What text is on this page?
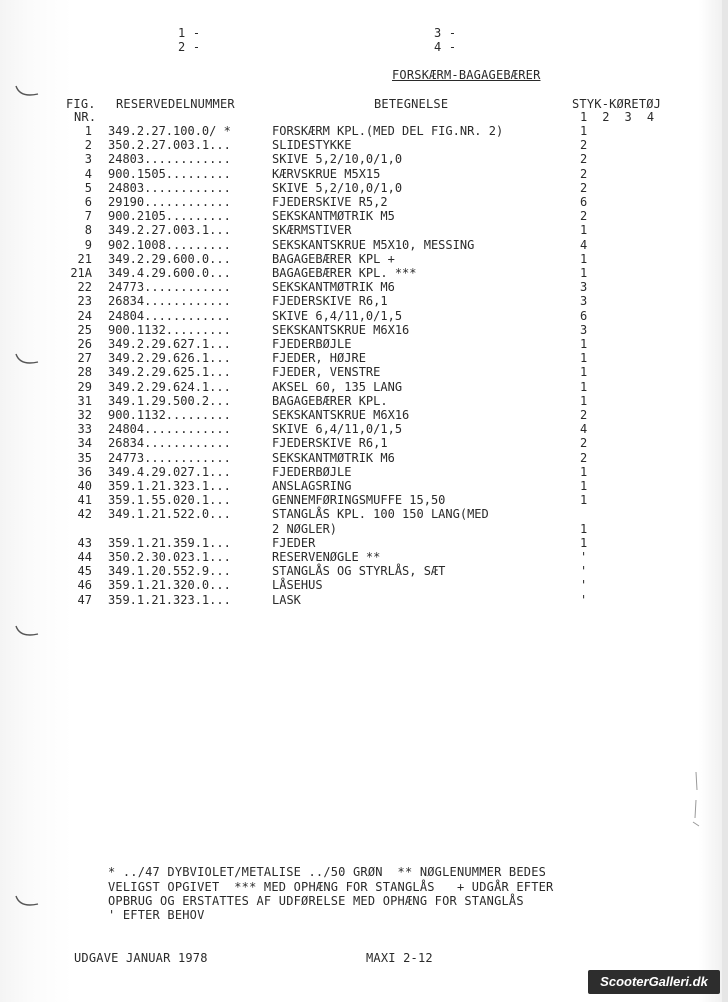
1 -
2 -
3 -
4 -
FORSKÆRM-BAGAGEBÆRER
FIG.
NR.
RESERVEDELNUMMER	BETEGNELSE	STYK-KØRETØJ
1  2  3  4
1 349.2.27.100.0/ *	FORSKÆRM KPL.(MED DEL FIG.NR. 2)	1
2 350.2.27.003.1...	SLIDESTYKKE	2
3 24803............	SKIVE 5,2/10,0/1,0	2
4 900.1505.........	KÆRVSKRUE M5X15	2
5 24803............	SKIVE 5,2/10,0/1,0	2
6 29190............	FJEDERSKIVE R5,2	6
7 900.2105.........	SEKSKANTMØTRIK M5	2
8 349.2.27.003.1...	SKÆRMSTIVER	1
9 902.1008.........	SEKSKANTSKRUE M5X10, MESSING	4
21 349.2.29.600.0...	BAGAGEBÆRER KPL +	1
21A 349.4.29.600.0...	BAGAGEBÆRER KPL. ***	1
22 24773............	SEKSKANTMØTRIK M6	3
23 26834............	FJEDERSKIVE R6,1	3
24 24804............	SKIVE 6,4/11,0/1,5	6
25 900.1132.........	SEKSKANTSKRUE M6X16	3
26 349.2.29.627.1...	FJEDERBØJLE	1
27 349.2.29.626.1...	FJEDER, HØJRE	1
28 349.2.29.625.1...	FJEDER, VENSTRE	1
29 349.2.29.624.1...	AKSEL 60, 135 LANG	1
31 349.1.29.500.2...	BAGAGEBÆRER KPL.	1
32 900.1132.........	SEKSKANTSKRUE M6X16	2
33 24804............	SKIVE 6,4/11,0/1,5	4
34 26834............	FJEDERSKIVE R6,1	2
35 24773............	SEKSKANTMØTRIK M6	2
36 349.4.29.027.1...	FJEDERBØJLE	1
40 359.1.21.323.1...	ANSLAGSRING	1
41 359.1.55.020.1...	GENNEMFØRINGSMUFFE 15,50	1
42 349.1.21.522.0...	STANGLÅS KPL. 100 150 LANG(MED
2 NØGLER)	1
43 359.1.21.359.1...	FJEDER	1
44 350.2.30.023.1...	RESERVENØGLE **	'
45 349.1.20.552.9...	STANGLÅS OG STYRLÅS, SÆT	'
46 359.1.21.320.0...	LÅSEHUS	'
47 359.1.21.323.1...	LASK	'
* ../47 DYBVIOLET/METALISE ../50 GRØN  ** NØGLENUMMER BEDES
VELIGST OPGIVET  *** MED OPHÆNG FOR STANGLÅS   + UDGÅR EFTER
OPBRUG OG ERSTATTES AF UDFØRELSE MED OPHÆNG FOR STANGLÅS
' EFTER BEHOV
UDGAVE JANUAR 1978	MAXI 2-12
ScooterGalleri.dk
